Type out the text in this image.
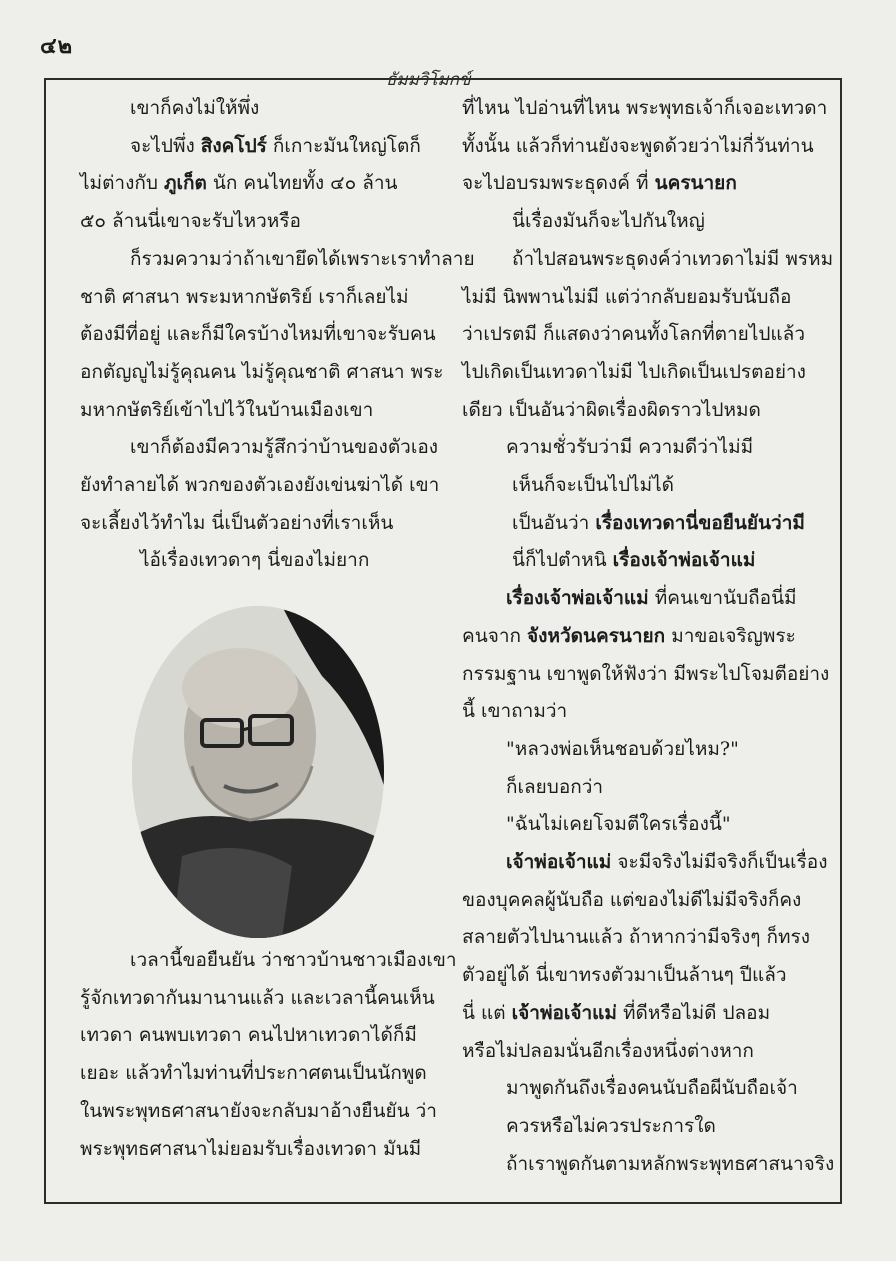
๔๒
ธัมมวิโมกข์

เขาก็คงไม่ให้พึ่ง

จะไปพึ่ง สิงคโปร์ ก็เกาะมันใหญ่โตก็

ไม่ต่างกับ ภูเก็ต นัก คนไทยทั้ง ๔๐ ล้าน

๕๐ ล้านนี่เขาจะรับไหวหรือ

ก็รวมความว่าถ้าเขายึดได้เพราะเราทำลาย

ชาติ ศาสนา พระมหากษัตริย์ เราก็เลยไม่

ต้องมีที่อยู่ และก็มีใครบ้างไหมที่เขาจะรับคน

อกตัญญูไม่รู้คุณคน ไม่รู้คุณชาติ ศาสนา พระ

มหากษัตริย์เข้าไปไว้ในบ้านเมืองเขา

เขาก็ต้องมีความรู้สึกว่าบ้านของตัวเอง

ยังทำลายได้ พวกของตัวเองยังเข่นฆ่าได้ เขา

จะเลี้ยงไว้ทำไม นี่เป็นตัวอย่างที่เราเห็น

ไอ้เรื่องเทวดาๆ นี่ของไม่ยาก

เวลานี้ขอยืนยัน ว่าชาวบ้านชาวเมืองเขา

รู้จักเทวดากันมานานแล้ว และเวลานี้คนเห็น

เทวดา คนพบเทวดา คนไปหาเทวดาได้ก็มี

เยอะ แล้วทำไมท่านที่ประกาศตนเป็นนักพูด

ในพระพุทธศาสนายังจะกลับมาอ้างยืนยัน ว่า

พระพุทธศาสนาไม่ยอมรับเรื่องเทวดา มันมี

ที่ไหน ไปอ่านที่ไหน พระพุทธเจ้าก็เจอะเทวดา

ทั้งนั้น แล้วก็ท่านยังจะพูดด้วยว่าไม่กี่วันท่าน

จะไปอบรมพระธุดงค์ ที่ นครนายก

นี่เรื่องมันก็จะไปกันใหญ่

ถ้าไปสอนพระธุดงค์ว่าเทวดาไม่มี พรหม

ไม่มี นิพพานไม่มี แต่ว่ากลับยอมรับนับถือ

ว่าเปรตมี ก็แสดงว่าคนทั้งโลกที่ตายไปแล้ว

ไปเกิดเป็นเทวดาไม่มี ไปเกิดเป็นเปรตอย่าง

เดียว เป็นอันว่าผิดเรื่องผิดราวไปหมด

ความชั่วรับว่ามี ความดีว่าไม่มี

เห็นก็จะเป็นไปไม่ได้

เป็นอันว่า เรื่องเทวดานี่ขอยืนยันว่ามี

นี่ก็ไปตำหนิ เรื่องเจ้าพ่อเจ้าแม่

เรื่องเจ้าพ่อเจ้าแม่ ที่คนเขานับถือนี่มี

คนจาก จังหวัดนครนายก มาขอเจริญพระ

กรรมฐาน เขาพูดให้ฟังว่า มีพระไปโจมตีอย่าง

นี้ เขาถามว่า

"หลวงพ่อเห็นชอบด้วยไหม?"

ก็เลยบอกว่า

"ฉันไม่เคยโจมตีใครเรื่องนี้"

เจ้าพ่อเจ้าแม่ จะมีจริงไม่มีจริงก็เป็นเรื่อง

ของบุคคลผู้นับถือ แต่ของไม่ดีไม่มีจริงก็คง

สลายตัวไปนานแล้ว ถ้าหากว่ามีจริงๆ ก็ทรง

ตัวอยู่ได้ นี่เขาทรงตัวมาเป็นล้านๆ ปีแล้ว

นี่ แต่ เจ้าพ่อเจ้าแม่ ที่ดีหรือไม่ดี ปลอม

หรือไม่ปลอมนั่นอีกเรื่องหนึ่งต่างหาก

มาพูดกันถึงเรื่องคนนับถือผีนับถือเจ้า

ควรหรือไม่ควรประการใด

ถ้าเราพูดกันตามหลักพระพุทธศาสนาจริง
